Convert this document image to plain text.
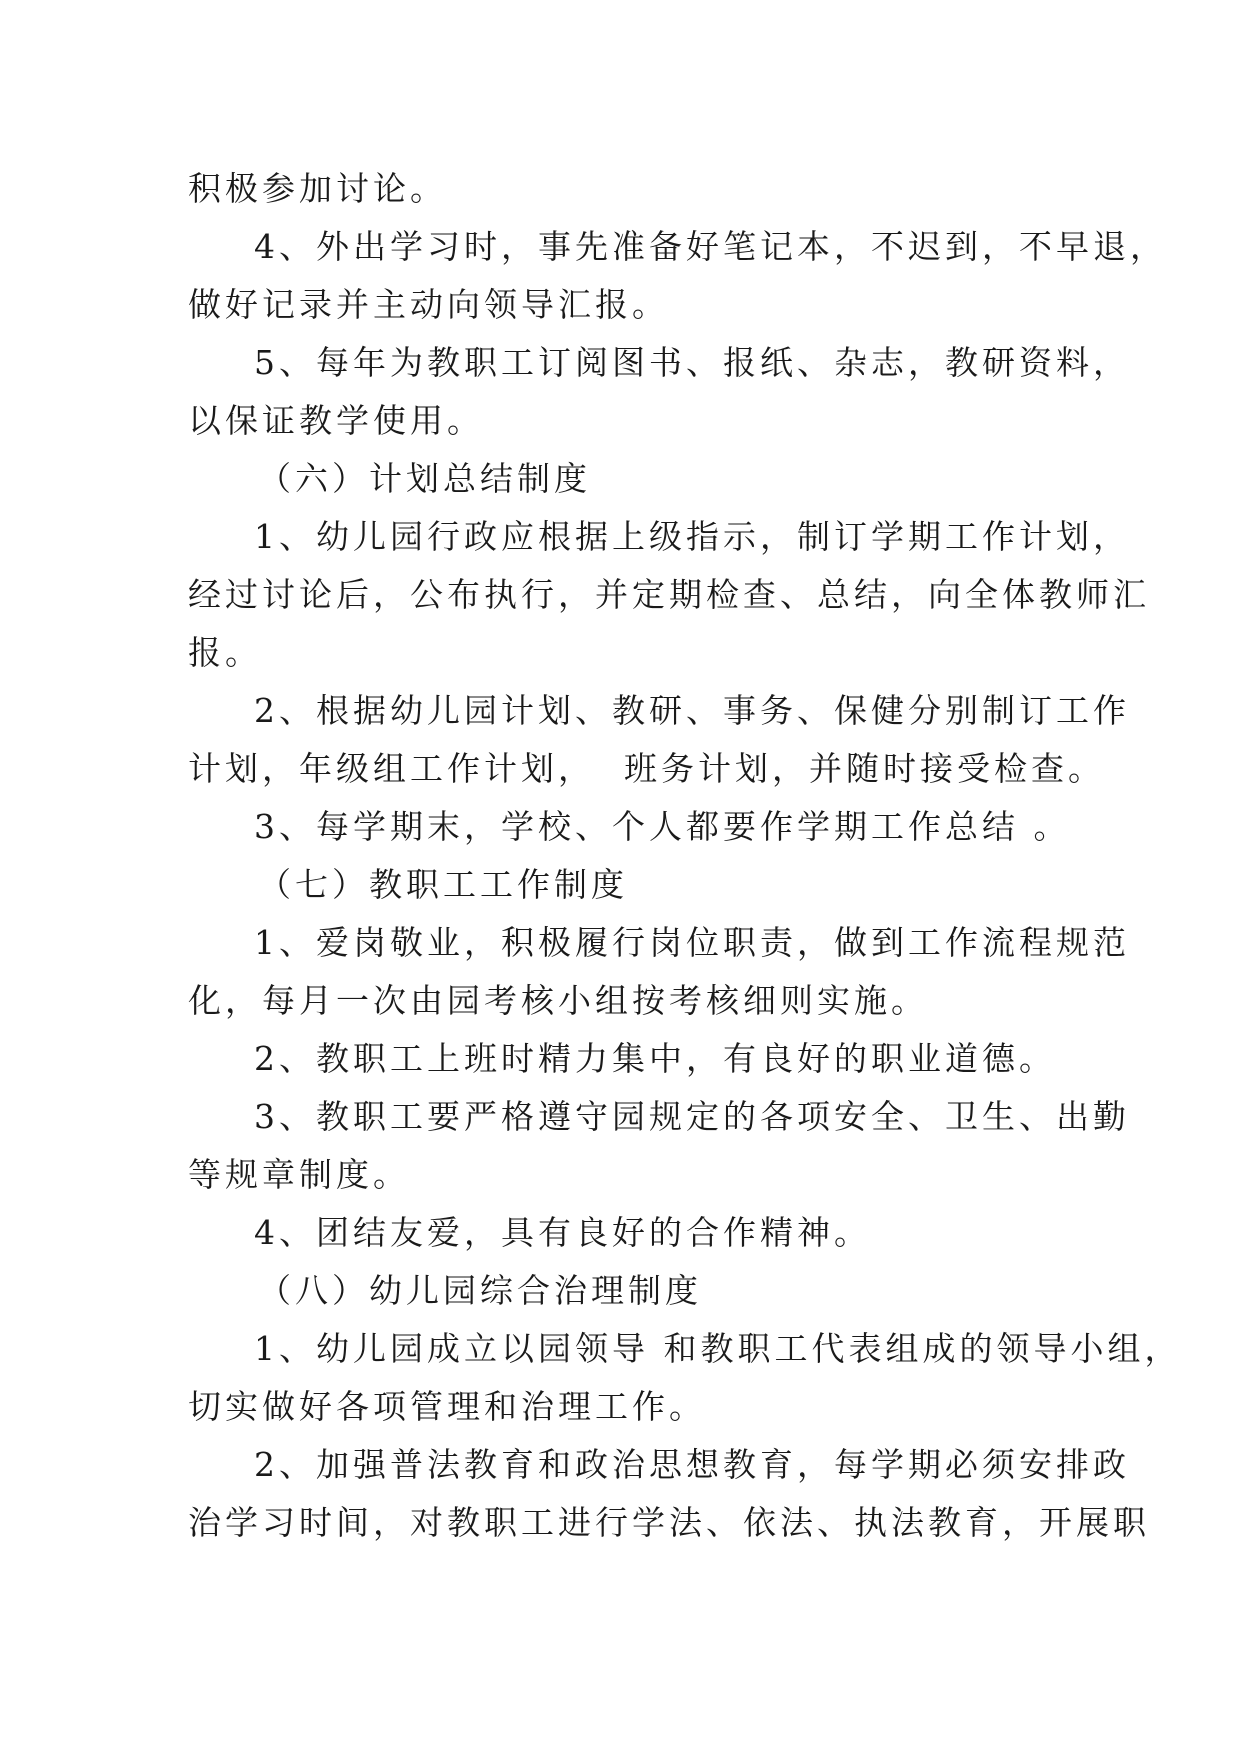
积极参加讨论。
4、外出学习时，事先准备好笔记本，不迟到，不早退，
做好记录并主动向领导汇报。
5、每年为教职工订阅图书、报纸、杂志，教研资料，
以保证教学使用。
（六）计划总结制度
1、幼儿园行政应根据上级指示，制订学期工作计划，
经过讨论后，公布执行，并定期检查、总结，向全体教师汇
报。
2、根据幼儿园计划、教研、事务、保健分别制订工作
计划，年级组工作计划，  班务计划，并随时接受检查。
3、每学期末，学校、个人都要作学期工作总结 。
（七）教职工工作制度
1、爱岗敬业，积极履行岗位职责，做到工作流程规范
化，每月一次由园考核小组按考核细则实施。
2、教职工上班时精力集中，有良好的职业道德。
3、教职工要严格遵守园规定的各项安全、卫生、出勤
等规章制度。
4、团结友爱，具有良好的合作精神。
（八）幼儿园综合治理制度
1、幼儿园成立以园领导 和教职工代表组成的领导小组，
切实做好各项管理和治理工作。
2、加强普法教育和政治思想教育，每学期必须安排政
治学习时间，对教职工进行学法、依法、执法教育，开展职
